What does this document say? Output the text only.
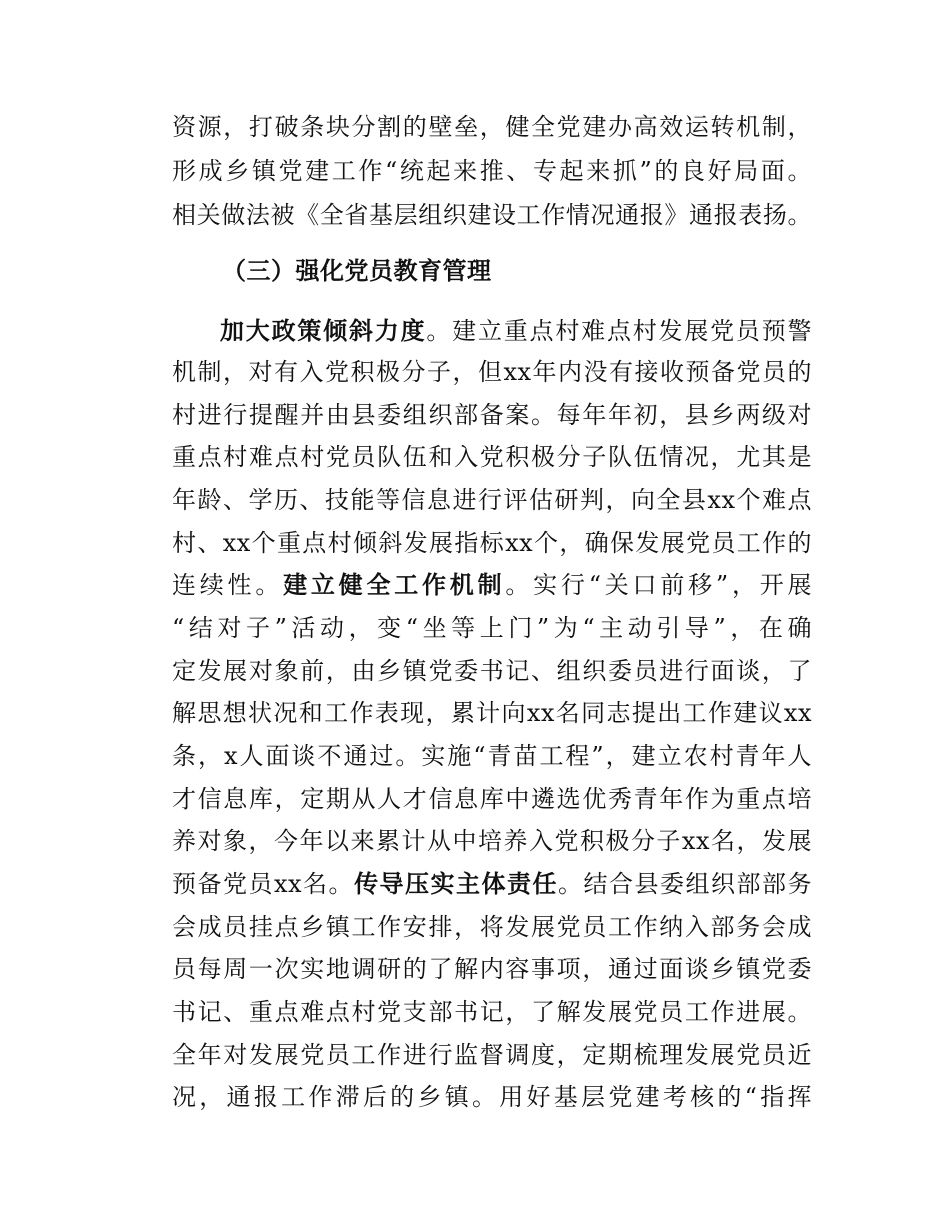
资源，打破条块分割的壁垒，健全党建办高效运转机制，
形成乡镇党建工作“统起来推、专起来抓”的良好局面。
相关做法被《全省基层组织建设工作情况通报》通报表扬。
（三）强化党员教育管理
加大政策倾斜力度。建立重点村难点村发展党员预警
机制，对有入党积极分子，但xx年内没有接收预备党员的
村进行提醒并由县委组织部备案。每年年初，县乡两级对
重点村难点村党员队伍和入党积极分子队伍情况，尤其是
年龄、学历、技能等信息进行评估研判，向全县xx个难点
村、xx个重点村倾斜发展指标xx个，确保发展党员工作的
连续性。建立健全工作机制。实行“关口前移”，开展
“结对子”活动，变“坐等上门”为“主动引导”，在确
定发展对象前，由乡镇党委书记、组织委员进行面谈，了
解思想状况和工作表现，累计向xx名同志提出工作建议xx
条，x人面谈不通过。实施“青苗工程”，建立农村青年人
才信息库，定期从人才信息库中遴选优秀青年作为重点培
养对象，今年以来累计从中培养入党积极分子xx名，发展
预备党员xx名。传导压实主体责任。结合县委组织部部务
会成员挂点乡镇工作安排，将发展党员工作纳入部务会成
员每周一次实地调研的了解内容事项，通过面谈乡镇党委
书记、重点难点村党支部书记，了解发展党员工作进展。
全年对发展党员工作进行监督调度，定期梳理发展党员近
况，通报工作滞后的乡镇。用好基层党建考核的“指挥
